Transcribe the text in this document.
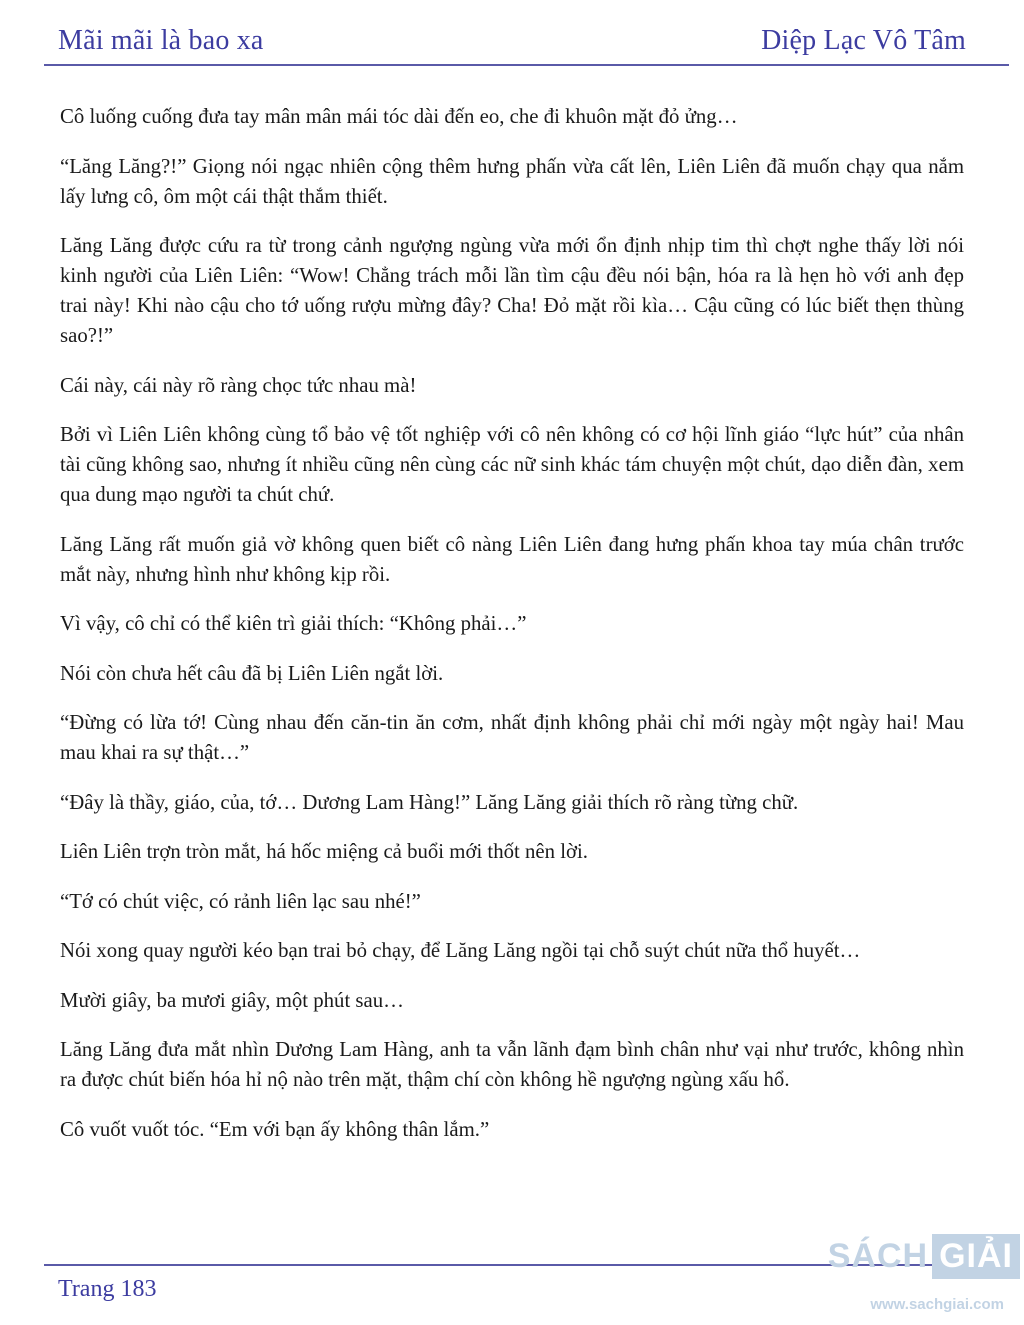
Mãi mãi là bao xa	Diệp Lạc Vô Tâm

Cô luống cuống đưa tay mân mân mái tóc dài đến eo, che đi khuôn mặt đỏ ửng…

“Lăng Lăng?!” Giọng nói ngạc nhiên cộng thêm hưng phấn vừa cất lên, Liên Liên đã muốn chạy qua nắm lấy lưng cô, ôm một cái thật thắm thiết.

Lăng Lăng được cứu ra từ trong cảnh ngượng ngùng vừa mới ổn định nhịp tim thì chợt nghe thấy lời nói kinh người của Liên Liên: “Wow! Chẳng trách mỗi lần tìm cậu đều nói bận, hóa ra là hẹn hò với anh đẹp trai này! Khi nào cậu cho tớ uống rượu mừng đây? Cha! Đỏ mặt rồi kìa… Cậu cũng có lúc biết thẹn thùng sao?!”

Cái này, cái này rõ ràng chọc tức nhau mà!

Bởi vì Liên Liên không cùng tổ bảo vệ tốt nghiệp với cô nên không có cơ hội lĩnh giáo “lực hút” của nhân tài cũng không sao, nhưng ít nhiều cũng nên cùng các nữ sinh khác tám chuyện một chút, dạo diễn đàn, xem qua dung mạo người ta chút chứ.

Lăng Lăng rất muốn giả vờ không quen biết cô nàng Liên Liên đang hưng phấn khoa tay múa chân trước mắt này, nhưng hình như không kịp rồi.

Vì vậy, cô chỉ có thể kiên trì giải thích: “Không phải…”

Nói còn chưa hết câu đã bị Liên Liên ngắt lời.

“Đừng có lừa tớ! Cùng nhau đến căn-tin ăn cơm, nhất định không phải chỉ mới ngày một ngày hai! Mau mau khai ra sự thật…”

“Đây là thầy, giáo, của, tớ… Dương Lam Hàng!” Lăng Lăng giải thích rõ ràng từng chữ.

Liên Liên trợn tròn mắt, há hốc miệng cả buổi mới thốt nên lời.

“Tớ có chút việc, có rảnh liên lạc sau nhé!”

Nói xong quay người kéo bạn trai bỏ chạy, để Lăng Lăng ngồi tại chỗ suýt chút nữa thổ huyết…

Mười giây, ba mươi giây, một phút sau…

Lăng Lăng đưa mắt nhìn Dương Lam Hàng, anh ta vẫn lãnh đạm bình chân như vại như trước, không nhìn ra được chút biến hóa hỉ nộ nào trên mặt, thậm chí còn không hề ngượng ngùng xấu hổ.

Cô vuốt vuốt tóc. “Em với bạn ấy không thân lắm.”

Trang 183
SÁCH GIẢI
www.sachgiai.com
